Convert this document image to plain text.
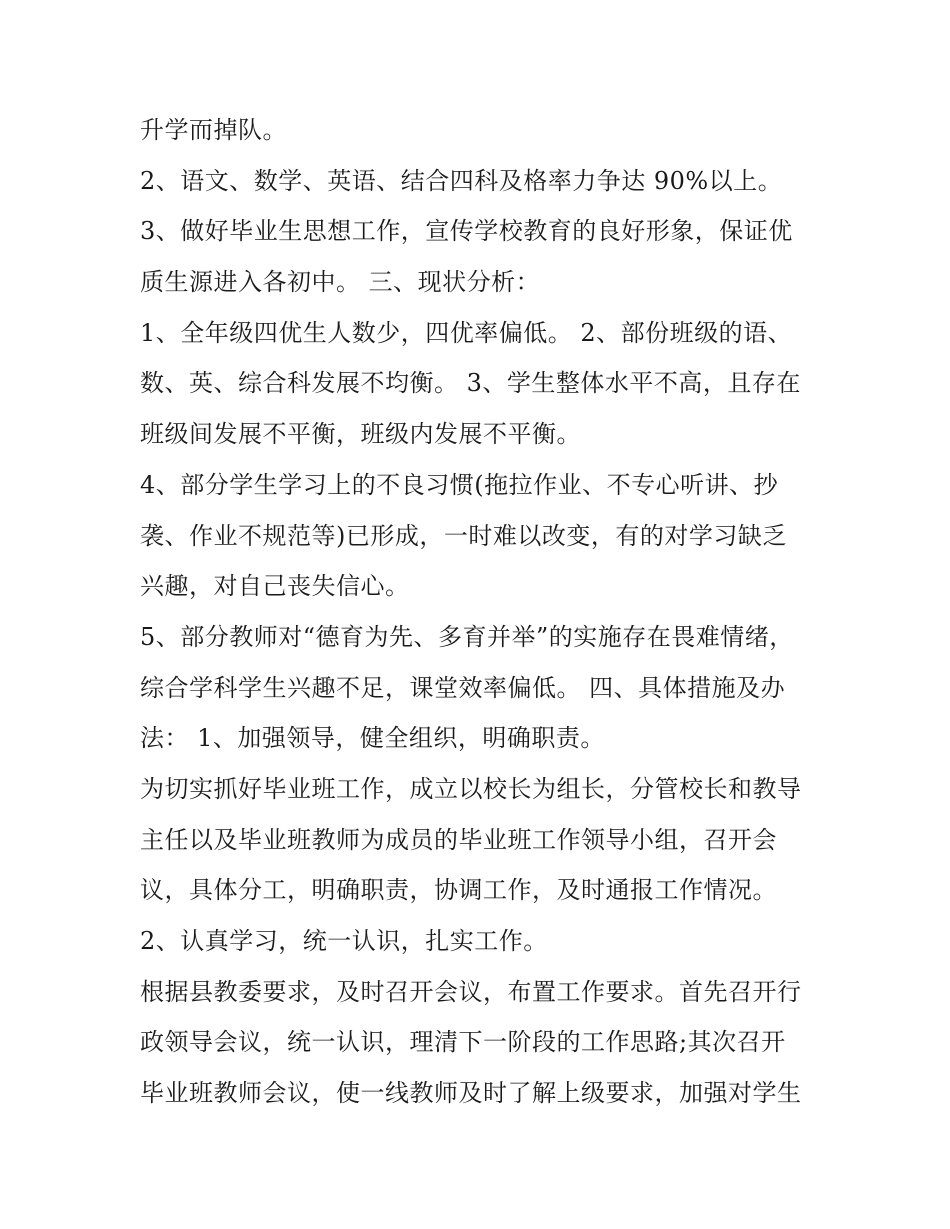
升学而掉队。
2、语文、数学、英语、结合四科及格率力争达 90%以上。
3、做好毕业生思想工作，宣传学校教育的良好形象，保证优
质生源进入各初中。 三、现状分析：
1、全年级四优生人数少，四优率偏低。 2、部份班级的语、
数、英、综合科发展不均衡。 3、学生整体水平不高，且存在
班级间发展不平衡，班级内发展不平衡。
4、部分学生学习上的不良习惯(拖拉作业、不专心听讲、抄
袭、作业不规范等)已形成，一时难以改变，有的对学习缺乏
兴趣，对自己丧失信心。
5、部分教师对“德育为先、多育并举”的实施存在畏难情绪，
综合学科学生兴趣不足，课堂效率偏低。 四、具体措施及办
法： 1、加强领导，健全组织，明确职责。
为切实抓好毕业班工作，成立以校长为组长，分管校长和教导
主任以及毕业班教师为成员的毕业班工作领导小组，召开会
议，具体分工，明确职责，协调工作，及时通报工作情况。
2、认真学习，统一认识，扎实工作。
根据县教委要求，及时召开会议，布置工作要求。首先召开行
政领导会议，统一认识，理清下一阶段的工作思路;其次召开
毕业班教师会议，使一线教师及时了解上级要求，加强对学生
